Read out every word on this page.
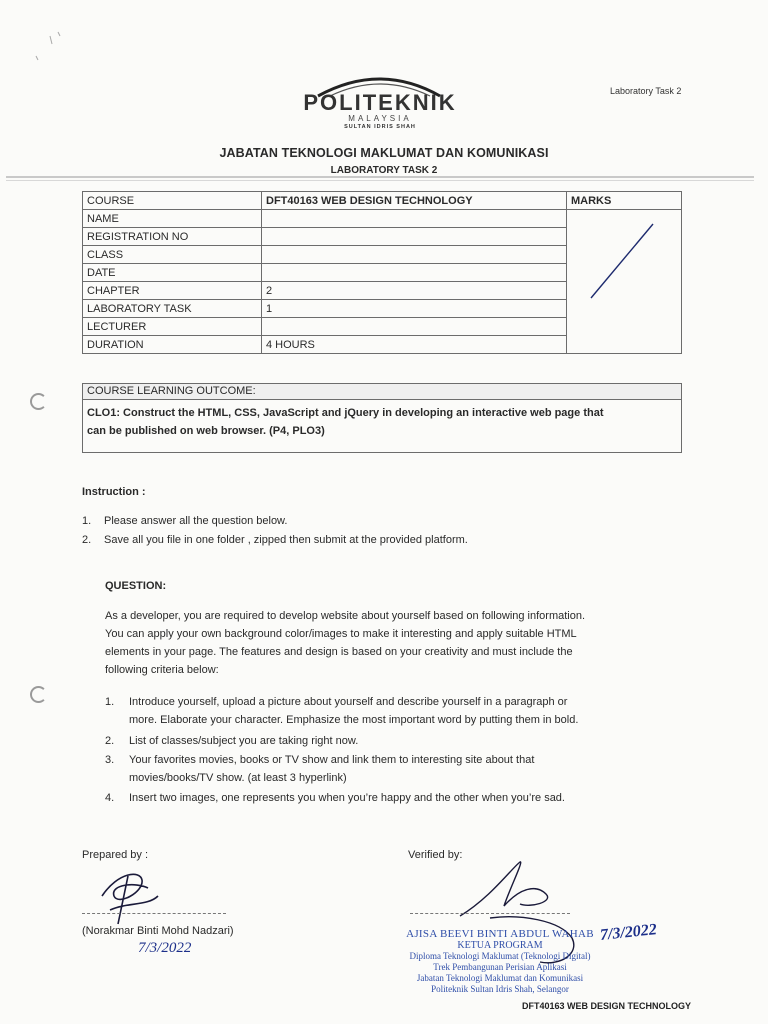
Laboratory Task 2
POLITEKNIK
MALAYSIA
SULTAN IDRIS SHAH
JABATAN TEKNOLOGI MAKLUMAT DAN KOMUNIKASI
LABORATORY TASK 2
COURSE	DFT40163 WEB DESIGN TECHNOLOGY	MARKS
NAME		

REGISTRATION NO		
CLASS		
DATE		
CHAPTER	2	
LABORATORY TASK	1	
LECTURER		
DURATION	4 HOURS	
COURSE LEARNING OUTCOME:
CLO1: Construct the HTML, CSS, JavaScript and jQuery in developing an interactive web page that
can be published on web browser. (P4, PLO3)
Instruction :
1. Please answer all the question below.
2. Save all you file in one folder , zipped then submit at the provided platform.
QUESTION:
As a developer, you are required to develop website about yourself based on following information.
You can apply your own background color/images to make it interesting and apply suitable HTML
elements in your page. The features and design is based on your creativity and must include the
following criteria below:
1. Introduce yourself, upload a picture about yourself and describe yourself in a paragraph or
more. Elaborate your character. Emphasize the most important word by putting them in bold.
2. List of classes/subject you are taking right now.
3. Your favorites movies, books or TV show and link them to interesting site about that
movies/books/TV show. (at least 3 hyperlink)
4. Insert two images, one represents you when you’re happy and the other when you’re sad.
Prepared by :	Verified by:
(Norakmar Binti Mohd Nadzari)
7/3/2022
AJISA BEEVI BINTI ABDUL WAHAB
KETUA PROGRAM
Diploma Teknologi Maklumat (Teknologi Digital)
Trek Pembangunan Perisian Aplikasi
Jabatan Teknologi Maklumat dan Komunikasi
Politeknik Sultan Idris Shah, Selangor
7/3/2022
DFT40163 WEB DESIGN TECHNOLOGY
